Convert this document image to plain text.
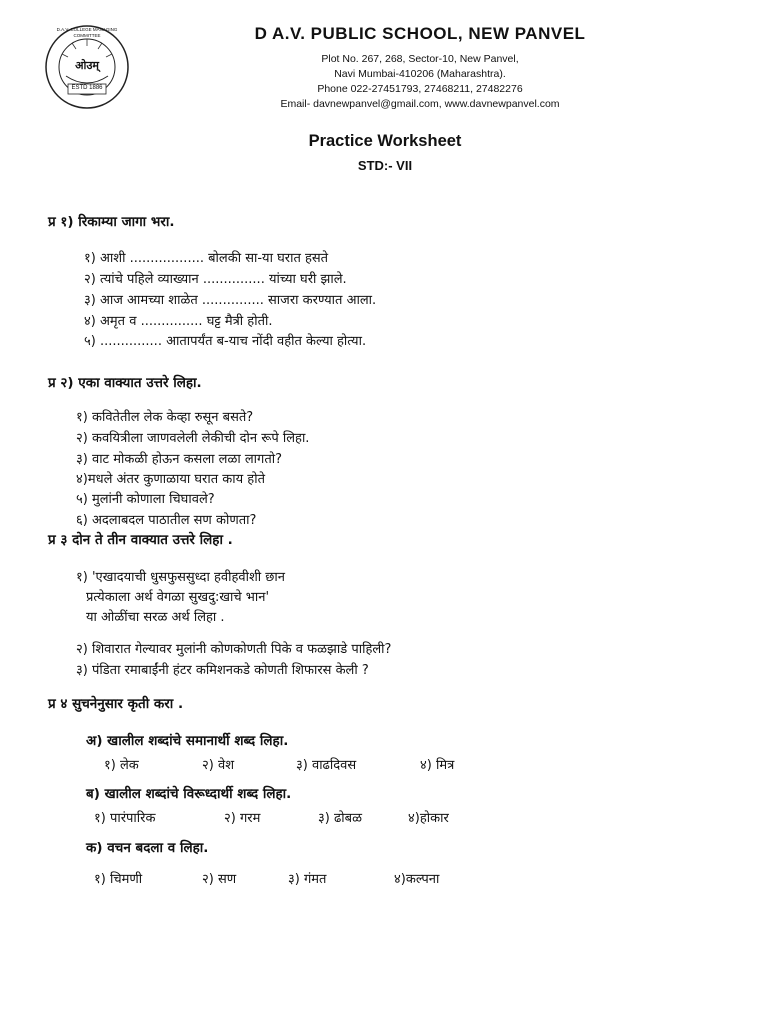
ओउम्
ESTD 1886
D.A.V. COLLEGE MANAGING COMMITTEE	D A.V. PUBLIC SCHOOL, NEW PANVEL
Plot No. 267, 268, Sector-10, New Panvel,
Navi Mumbai-410206 (Maharashtra).
Phone 022-27451793, 27468211, 27482276
Email- davnewpanvel@gmail.com, www.davnewpanvel.com
Practice Worksheet
STD:- VII
प्र १) रिकाम्या जागा भरा.
१) आशी .................. बोलकी सा-या घरात हसते
२) त्यांचे पहिले व्याख्यान ............... यांच्या घरी झाले.
३) आज आमच्या शाळेत ............... साजरा करण्यात आला.
४) अमृत व ............... घट्ट मैत्री होती.
५) ............... आतापर्यंत ब-याच नोंदी वहीत केल्या होत्या.
प्र २) एका वाक्यात उत्तरे लिहा.
१) कवितेतील लेक केव्हा रुसून बसते?
२) कवयित्रीला जाणवलेली लेकीची दोन रूपे लिहा.
३) वाट मोकळी होऊन कसला लळा लागतो?
४)मधले अंतर कुणाळाया घरात काय होते
५) मुलांनी कोणाला चिघावले?
६) अदलाबदल पाठातील सण कोणता?
प्र ३ दोन ते तीन वाक्यात उत्तरे लिहा .
१) 'एखादयाची धुसफुससुध्दा हवीहवीशी छान
प्रत्येकाला अर्थ वेगळा सुखदु:खाचे भान'
या ओळींचा सरळ अर्थ लिहा .
२) शिवारात गेल्यावर मुलांनी कोणकोणती पिके व फळझाडे पाहिली?
३) पंडिता रमाबाईंनी हंटर कमिशनकडे कोणती शिफारस केली ?
प्र ४ सुचनेनुसार कृती करा .
अ) खालील शब्दांचे समानार्थी शब्द लिहा.
१) लेक	२) वेश	३) वाढदिवस	४) मित्र
ब) खालील शब्दांचे विरूध्दार्थी शब्द लिहा.
१) पारंपारिक	२) गरम	३) ढोबळ	४)होकार
क) वचन बदला व लिहा.
१) चिमणी	२) सण	३) गंमत	४)कल्पना
